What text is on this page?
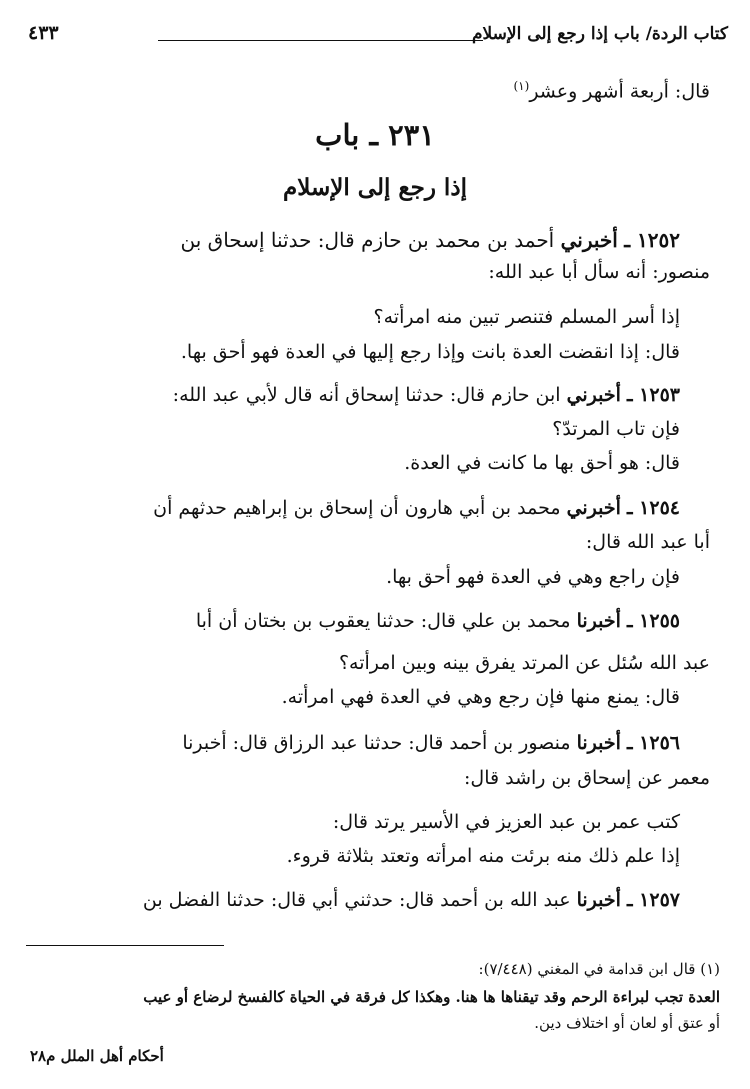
كتاب الردة/ باب إذا رجع إلى الإسلام
٤٣٣
قال: أربعة أشهر وعشر$^{(١)}$
٢٣١ ـ باب
إذا رجع إلى الإسلام
١٢٥٢ ـ أخبرني أحمد بن محمد بن حازم قال: حدثنا إسحاق بن
منصور: أنه سأل أبا عبد الله:
إذا أسر المسلم فتنصر تبين منه امرأته؟
قال: إذا انقضت العدة بانت وإذا رجع إليها في العدة فهو أحق بها.
١٢٥٣ ـ أخبرني ابن حازم قال: حدثنا إسحاق أنه قال لأبي عبد الله:
فإن تاب المرتدّ؟
قال: هو أحق بها ما كانت في العدة.
١٢٥٤ ـ أخبرني محمد بن أبي هارون أن إسحاق بن إبراهيم حدثهم أن
أبا عبد الله قال:
فإن راجع وهي في العدة فهو أحق بها.
١٢٥٥ ـ أخبرنا محمد بن علي قال: حدثنا يعقوب بن بختان أن أبا
عبد الله سُئل عن المرتد يفرق بينه وبين امرأته؟
قال: يمنع منها فإن رجع وهي في العدة فهي امرأته.
١٢٥٦ ـ أخبرنا منصور بن أحمد قال: حدثنا عبد الرزاق قال: أخبرنا
معمر عن إسحاق بن راشد قال:
كتب عمر بن عبد العزيز في الأسير يرتد قال:
إذا علم ذلك منه برئت منه امرأته وتعتد بثلاثة قروء.
١٢٥٧ ـ أخبرنا عبد الله بن أحمد قال: حدثني أبي قال: حدثنا الفضل بن
(١) قال ابن قدامة في المغني (٧/٤٤٨):
العدة تجب لبراءة الرحم وقد تيقناها ها هنا. وهكذا كل فرقة في الحياة كالفسخ لرضاع أو عيب
أو عتق أو لعان أو اختلاف دين.
أحكام أهل الملل م٢٨
